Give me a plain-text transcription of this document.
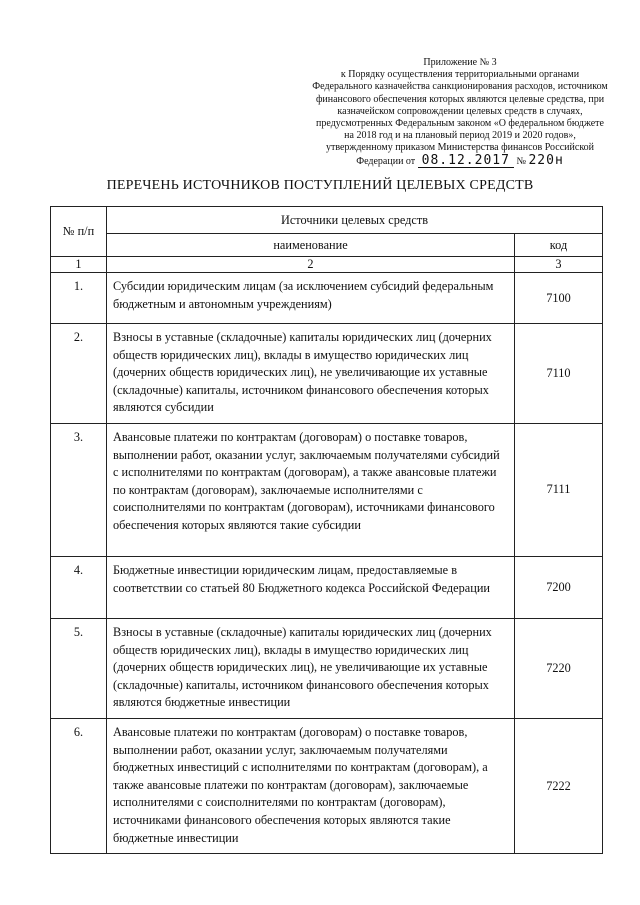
Приложение № 3
к Порядку осуществления территориальными органами
Федерального казначейства санкционирования расходов, источником
финансового обеспечения которых являются целевые средства, при
казначейском сопровождении целевых средств в случаях,
предусмотренных Федеральным законом «О федеральном бюджете
на 2018 год и на плановый период 2019 и 2020 годов»,
утвержденному приказом Министерства финансов Российской
Федерации от 08.12.2017 № 220н
ПЕРЕЧЕНЬ ИСТОЧНИКОВ ПОСТУПЛЕНИЙ ЦЕЛЕВЫХ СРЕДСТВ
№ п/п	Источники целевых средств	
	наименование	код
1	2	3
1.	Субсидии юридическим лицам (за исключением субсидий федеральным бюджетным и автономным учреждениям)	7100
2.	Взносы в уставные (складочные) капиталы юридических лиц (дочерних обществ юридических лиц), вклады в имущество юридических лиц (дочерних обществ юридических лиц), не увеличивающие их уставные (складочные) капиталы, источником финансового обеспечения которых являются субсидии	7110
3.	Авансовые платежи по контрактам (договорам) о поставке товаров, выполнении работ, оказании услуг, заключаемым получателями субсидий с исполнителями по контрактам (договорам), а также авансовые платежи по контрактам (договорам), заключаемые исполнителями с соисполнителями по контрактам (договорам), источниками финансового обеспечения которых являются такие субсидии	7111
4.	Бюджетные инвестиции юридическим лицам, предоставляемые в соответствии со статьей 80 Бюджетного кодекса Российской Федерации	7200
5.	Взносы в уставные (складочные) капиталы юридических лиц (дочерних обществ юридических лиц), вклады в имущество юридических лиц (дочерних обществ юридических лиц), не увеличивающие их уставные (складочные) капиталы, источником финансового обеспечения которых являются бюджетные инвестиции	7220
6.	Авансовые платежи по контрактам (договорам) о поставке товаров, выполнении работ, оказании услуг, заключаемым получателями бюджетных инвестиций с исполнителями по контрактам (договорам), а также авансовые платежи по контрактам (договорам), заключаемые исполнителями с соисполнителями по контрактам (договорам), источниками финансового обеспечения которых являются такие бюджетные инвестиции	7222
